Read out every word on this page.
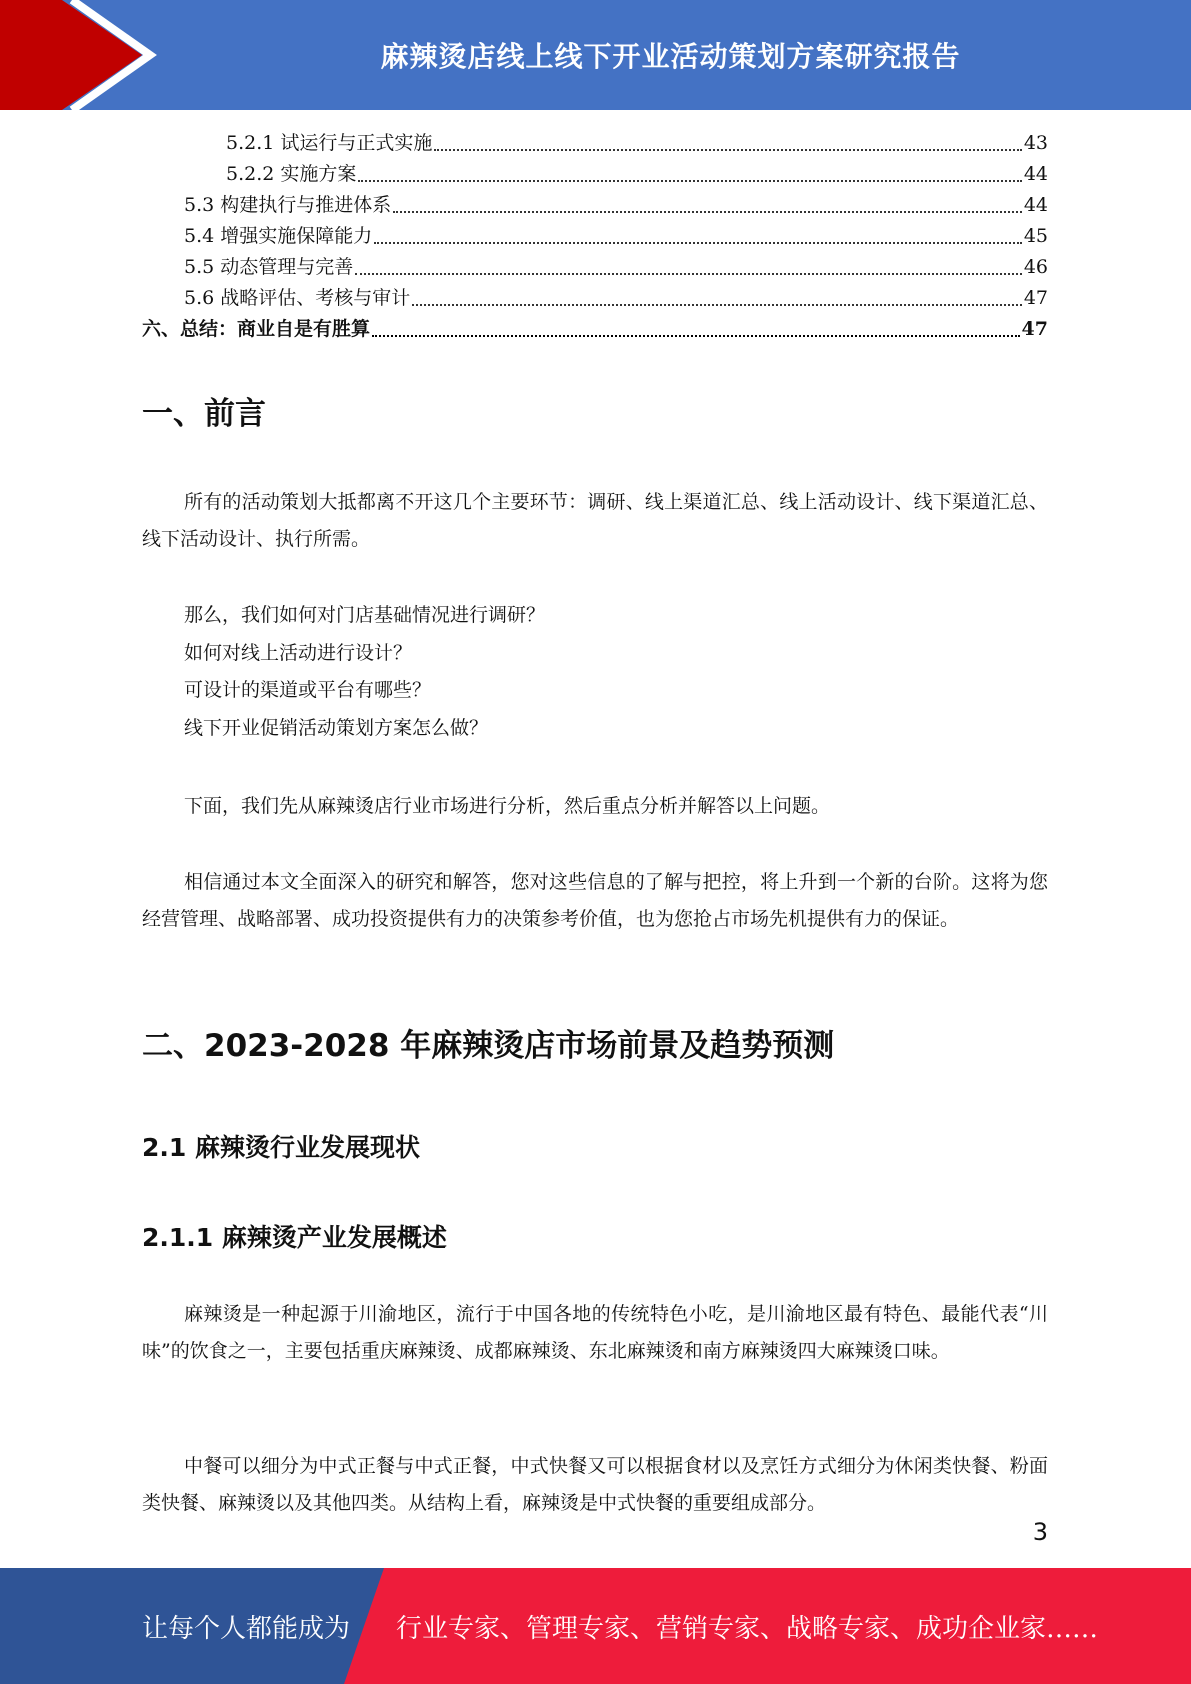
麻辣烫店线上线下开业活动策划方案研究报告
5.2.1 试运行与正式实施	43
5.2.2 实施方案	44
5.3 构建执行与推进体系	44
5.4 增强实施保障能力	45
5.5 动态管理与完善	46
5.6 战略评估、考核与审计	47
六、总结：商业自是有胜算	47
一、前言
所有的活动策划大抵都离不开这几个主要环节：调研、线上渠道汇总、线上活动设计、线下渠道汇总、线下活动设计、执行所需。
那么，我们如何对门店基础情况进行调研？
如何对线上活动进行设计？
可设计的渠道或平台有哪些？
线下开业促销活动策划方案怎么做？
下面，我们先从麻辣烫店行业市场进行分析，然后重点分析并解答以上问题。
相信通过本文全面深入的研究和解答，您对这些信息的了解与把控，将上升到一个新的台阶。这将为您经营管理、战略部署、成功投资提供有力的决策参考价值，也为您抢占市场先机提供有力的保证。
二、2023-2028 年麻辣烫店市场前景及趋势预测
2.1 麻辣烫行业发展现状
2.1.1 麻辣烫产业发展概述
麻辣烫是一种起源于川渝地区，流行于中国各地的传统特色小吃，是川渝地区最有特色、最能代表“川味”的饮食之一，主要包括重庆麻辣烫、成都麻辣烫、东北麻辣烫和南方麻辣烫四大麻辣烫口味。
中餐可以细分为中式正餐与中式正餐，中式快餐又可以根据食材以及烹饪方式细分为休闲类快餐、粉面类快餐、麻辣烫以及其他四类。从结构上看，麻辣烫是中式快餐的重要组成部分。
3
让每个人都能成为 行业专家、管理专家、营销专家、战略专家、成功企业家……
